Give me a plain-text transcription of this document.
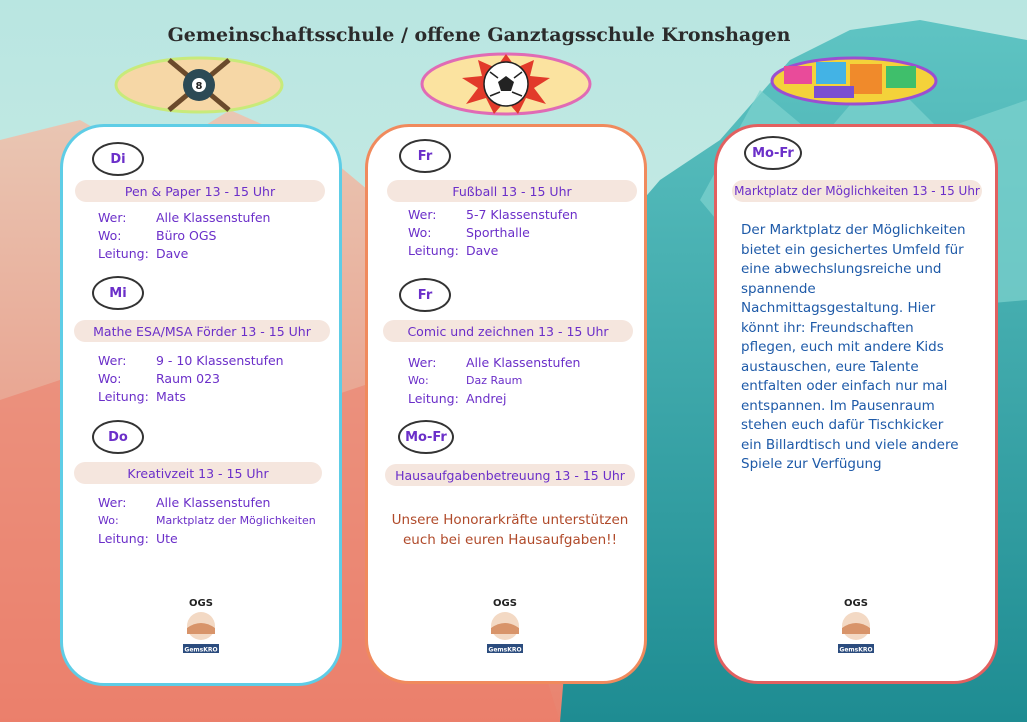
Gemeinschaftsschule / offene Ganztagsschule Kronshagen
8
Di
Pen & Paper 13 - 15 Uhr
Wer:	Alle Klassenstufen
Wo:	Büro OGS
Leitung: Dave
Mi
Mathe ESA/MSA Förder 13 - 15 Uhr
Wer:	9 - 10 Klassenstufen
Wo:	Raum 023
Leitung: Mats
Do
Kreativzeit 13 - 15 Uhr
Wer:	Alle Klassenstufen
Wo:	Marktplatz der Möglichkeiten
Leitung: Ute
OGS
GemsKRO
Fr
Fußball 13 - 15 Uhr
Wer:	5-7 Klassenstufen
Wo:	Sporthalle
Leitung: Dave
Fr
Comic und zeichnen 13 - 15 Uhr
Wer:	Alle Klassenstufen
Wo:	Daz Raum
Leitung: Andrej
Mo-Fr
Hausaufgabenbetreuung 13 - 15 Uhr
Unsere Honorarkräfte unterstützen euch bei euren Hausaufgaben!!
OGS
GemsKRO
Mo-Fr
Marktplatz der Möglichkeiten 13 - 15 Uhr
Der Marktplatz der Möglichkeiten bietet ein gesichertes Umfeld für eine abwechslungsreiche und spannende Nachmittagsgestaltung. Hier könnt ihr: Freundschaften pflegen, euch mit andere Kids austauschen, eure Talente entfalten oder einfach nur mal entspannen. Im Pausenraum stehen euch dafür Tischkicker ein Billardtisch und viele andere Spiele zur Verfügung
OGS
GemsKRO
